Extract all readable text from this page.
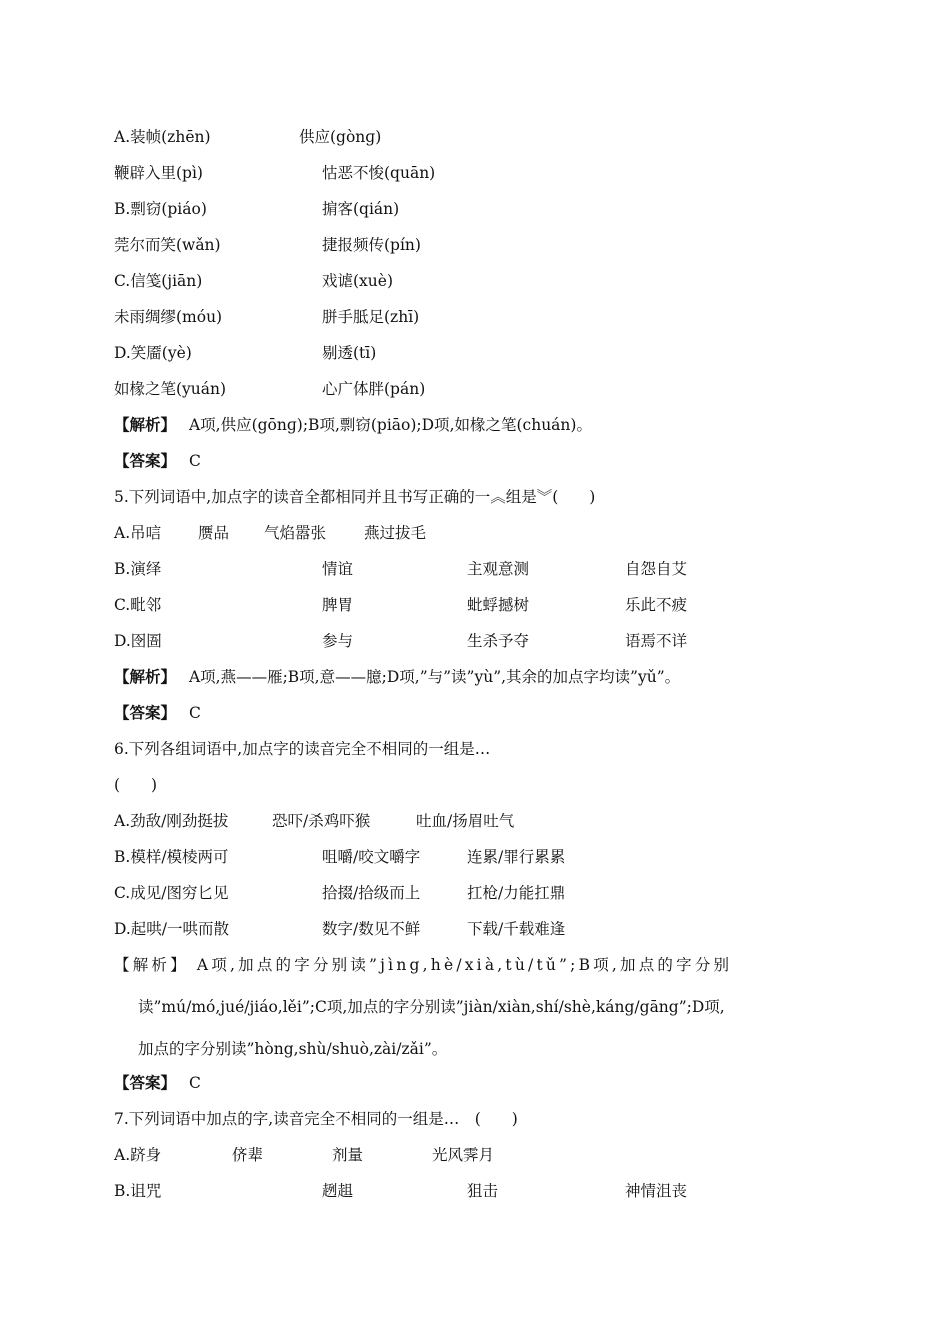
A.装帧(zhēn)	供应(gònɡ)
鞭辟入里(pì)	怙恶不悛(quān)
B.剽窃(piáo)	掮客(qián)
莞尔而笑(wǎn)	捷报频传(pín)
C.信笺(jiān)	戏谑(xuè)
未雨绸缪(móu)	胼手胝足(zhī)
D.笑靥(yè)	剔透(tī)
如椽之笔(yuán)	心广体胖(pán)
【解析】 A项,供应(gōnɡ);B项,剽窃(piāo);D项,如椽之笔(chuán)。
【答案】 C
5.下列词语中,加点字的读音全都相同并且书写正确的一︽组是︾(　　)
A.吊唁 赝品 气焰嚣张 燕过拔毛
B.演绎	情谊	主观意测	自怨自艾
C.毗邻	脾胃	蚍蜉撼树	乐此不疲
D.囹圄	参与	生杀予夺	语焉不详
【解析】 A项,燕——雁;B项,意——臆;D项,”与”读”yù”,其余的加点字均读”yǔ”。
【答案】 C
6.下列各组词语中,加点字的读音完全不相同的一组是…
(　　)
A.劲敌/刚劲挺拔	恐吓/杀鸡吓猴	吐血/扬眉吐气
B.模样/模棱两可	咀嚼/咬文嚼字	连累/罪行累累
C.成见/图穷匕见	拾掇/拾级而上	扛枪/力能扛鼎
D.起哄/一哄而散	数字/数见不鲜	下载/千载难逢
【解析】 A项,加点的字分别读”jìng,hè/xià,tù/tǔ”;B项,加点的字分别
读”mú/mó,jué/jiáo,lěi”;C项,加点的字分别读”jiàn/xiàn,shí/shè,káng/gāng”;D项,
加点的字分别读”hòng,shù/shuò,zài/zǎi”。
【答案】 C
7.下列词语中加点的字,读音完全不相同的一组是…　(　　)
A.跻身	侪辈	剂量	光风霁月
B.诅咒	趔趄	狙击	神情沮丧
